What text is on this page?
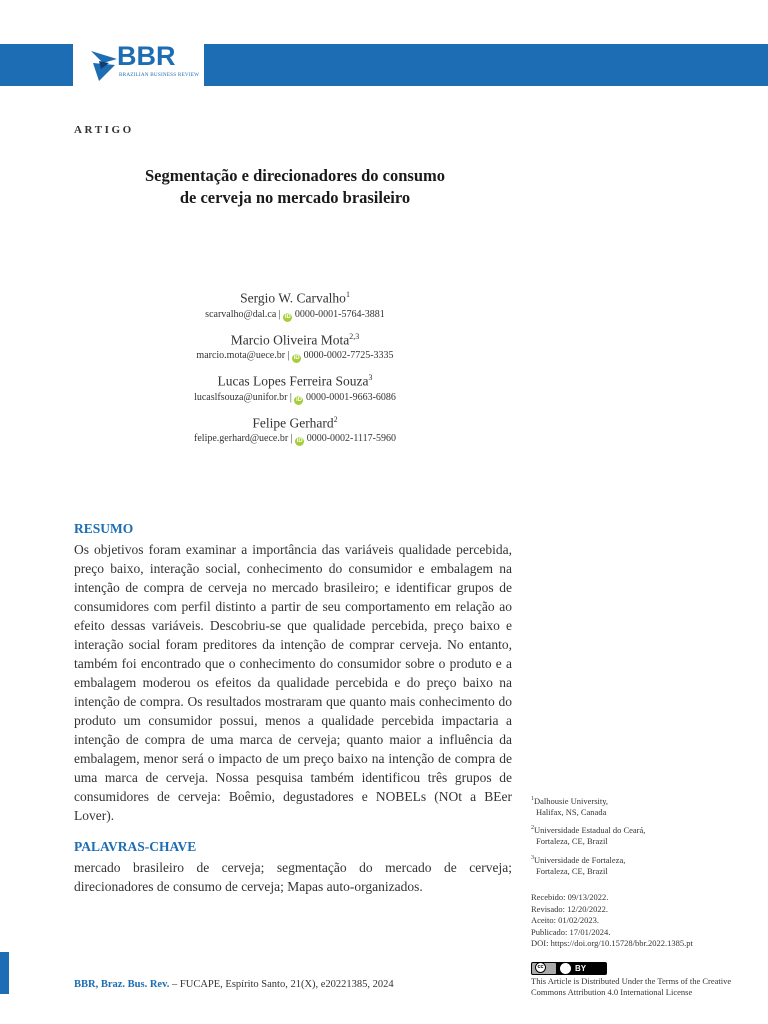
BBR
BRAZILIAN BUSINESS REVIEW
ARTIGO
Segmentação e direcionadores do consumo
de cerveja no mercado brasileiro
Sergio W. Carvalho$^1$
scarvalho@dal.ca | iD 0000-0001-5764-3881
Marcio Oliveira Mota$^{2,3}$
marcio.mota@uece.br | iD 0000-0002-7725-3335
Lucas Lopes Ferreira Souza$^3$
lucaslfsouza@unifor.br | iD 0000-0001-9663-6086
Felipe Gerhard$^2$
felipe.gerhard@uece.br | iD 0000-0002-1117-5960
RESUMO
Os objetivos foram examinar a importância das variáveis qualidade percebida, preço baixo, interação social, conhecimento do consumidor e embalagem na intenção de compra de cerveja no mercado brasileiro; e identificar grupos de consumidores com perfil distinto a partir de seu comportamento em relação ao efeito dessas variáveis. Descobriu-se que qualidade percebida, preço baixo e interação social foram preditores da intenção de comprar cerveja. No entanto, também foi encontrado que o conhecimento do consumidor sobre o produto e a embalagem moderou os efeitos da qualidade percebida e do preço baixo na intenção de compra. Os resultados mostraram que quanto mais conhecimento do produto um consumidor possui, menos a qualidade percebida impactaria a intenção de compra de uma marca de cerveja; quanto maior a influência da embalagem, menor será o impacto de um preço baixo na intenção de compra de uma marca de cerveja. Nossa pesquisa também identificou três grupos de consumidores de cerveja: Boêmio, degustadores e NOBELs (NOt a BEer Lover).
PALAVRAS-CHAVE
mercado brasileiro de cerveja; segmentação do mercado de cerveja; direcionadores de consumo de cerveja; Mapas auto-organizados.
$^1$Dalhousie University,
Halifax, NS, Canada
$^2$Universidade Estadual do Ceará,
Fortaleza, CE, Brazil
$^3$Universidade de Fortaleza,
Fortaleza, CE, Brazil
Recebido: 09/13/2022.
Revisado: 12/20/2022.
Aceito: 01/02/2023.
Publicado: 17/01/2024.
DOI: https://doi.org/10.15728/bbr.2022.1385.pt
cc	BY
This Article is Distributed Under the Terms of the Creative
Commons Attribution 4.0 International License
BBR, Braz. Bus. Rev. – FUCAPE, Espírito Santo, 21(X), e20221385, 2024
